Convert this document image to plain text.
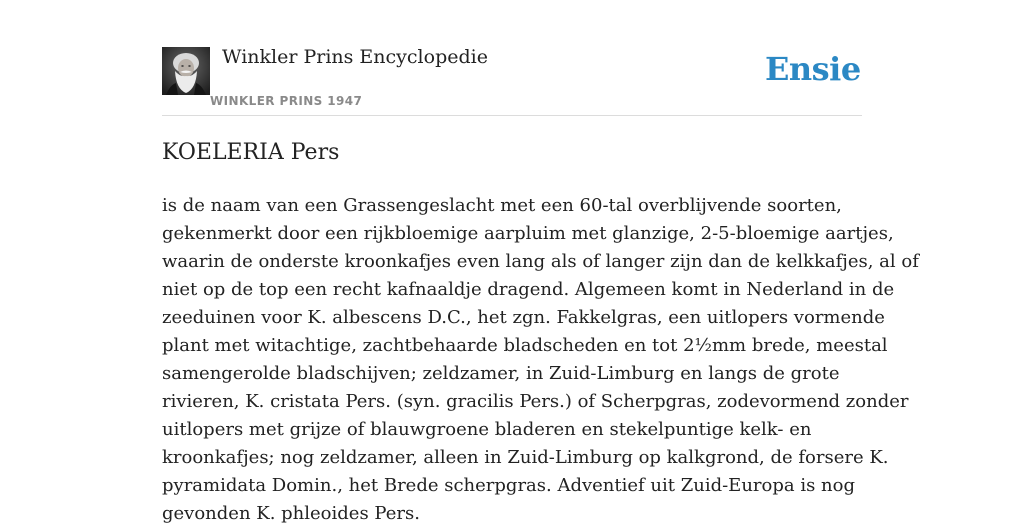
Winkler Prins Encyclopedie
WINKLER PRINS 1947
Ensie
KOELERIA Pers

is de naam van een Grassengeslacht met een 60-tal overblijvende soorten,
gekenmerkt door een rijkbloemige aarpluim met glanzige, 2-5-bloemige aartjes,
waarin de onderste kroonkafjes even lang als of langer zijn dan de kelkkafjes, al of
niet op de top een recht kafnaaldje dragend. Algemeen komt in Nederland in de
zeeduinen voor K. albescens D.C., het zgn. Fakkelgras, een uitlopers vormende
plant met witachtige, zachtbehaarde bladscheden en tot 2½mm brede, meestal
samengerolde bladschijven; zeldzamer, in Zuid-Limburg en langs de grote
rivieren, K. cristata Pers. (syn. gracilis Pers.) of Scherpgras, zodevormend zonder
uitlopers met grijze of blauwgroene bladeren en stekelpuntige kelk- en
kroonkafjes; nog zeldzamer, alleen in Zuid-Limburg op kalkgrond, de forsere K.
pyramidata Domin., het Brede scherpgras. Adventief uit Zuid-Europa is nog
gevonden K. phleoides Pers.
